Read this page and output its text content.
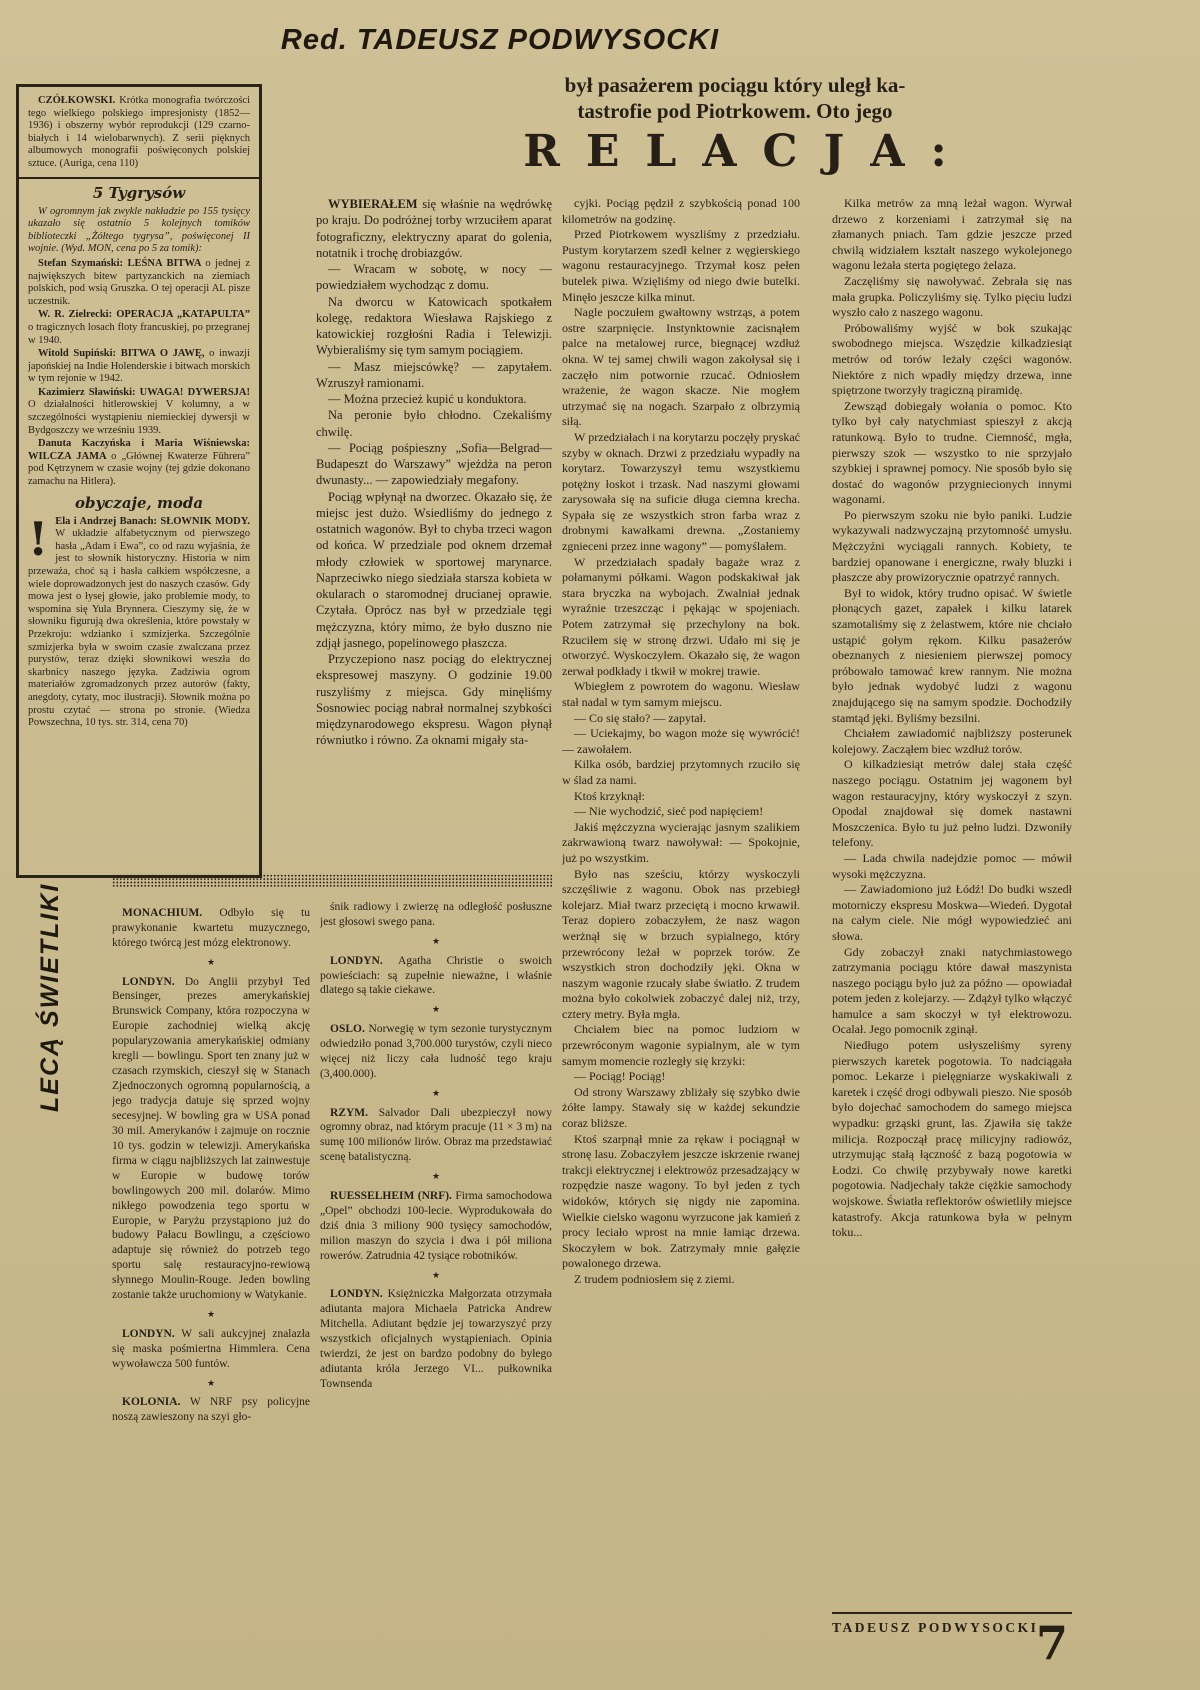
Red. TADEUSZ PODWYSOCKI

CZÓŁKOWSKI. Krótka monografia twórczości tego wielkiego polskiego impresjonisty (1852—1936) i obszerny wybór reprodukcji (129 czarno-białych i 14 wielobarwnych). Z serii pięknych albumowych monografii poświęconych polskiej sztuce. (Auriga, cena 110)

5 Tygrysów

W ogromnym jak zwykle nakładzie po 155 tysięcy ukazało się ostatnio 5 kolejnych tomików biblioteczki „Żółtego tygrysa”, poświęconej II wojnie. (Wyd. MON, cena po 5 za tomik):

Stefan Szymański: LEŚNA BITWA o jednej z największych bitew partyzanckich na ziemiach polskich, pod wsią Gruszka. O tej operacji AL pisze uczestnik.

W. R. Zielrecki: OPERACJA „KATAPULTA” o tragicznych losach floty francuskiej, po przegranej w 1940.

Witold Supiński: BITWA O JAWĘ, o inwazji japońskiej na Indie Holenderskie i bitwach morskich w tym rejonie w 1942.

Kazimierz Sławiński: UWAGA! DYWERSJA! O działalności hitlerowskiej V kolumny, a w szczególności wystąpieniu niemieckiej dywersji w Bydgoszczy we wrześniu 1939.

Danuta Kaczyńska i Maria Wiśniewska: WILCZA JAMA o „Głównej Kwaterze Führera” pod Kętrzynem w czasie wojny (tej gdzie dokonano zamachu na Hitlera).

obyczaje, moda
! Ela i Andrzej Banach: SŁOWNIK MODY. W układzie alfabetycznym od pierwszego hasła „Adam i Ewa”, co od razu wyjaśnia, że jest to słownik historyczny. Historia w nim przeważa, choć są i hasła całkiem współczesne, a wiele doprowadzonych jest do naszych czasów. Gdy mowa jest o łysej głowie, jako problemie mody, to wspomina się Yula Brynnera. Cieszymy się, że w słowniku figurują dwa określenia, które powstały w Przekroju: wdzianko i szmizjerka. Szczególnie szmizjerka była w swoim czasie zwalczana przez purystów, teraz dzięki słownikowi weszła do skarbnicy naszego języka. Zadziwia ogrom materiałów zgromadzonych przez autorów (fakty, anegdoty, cytaty, moc ilustracji). Słownik można po prostu czytać — strona po stronie. (Wiedza Powszechna, 10 tys. str. 314, cena 70)

był pasażerem pociągu który uległ ka-
tastrofie pod Piotrkowem. Oto jego
RELACJA:

WYBIERAŁEM się właśnie na wędrówkę po kraju. Do podróżnej torby wrzuciłem aparat fotograficzny, elektryczny aparat do golenia, notatnik i trochę drobiazgów.

— Wracam w sobotę, w nocy — powiedziałem wychodząc z domu.

Na dworcu w Katowicach spotkałem kolegę, redaktora Wiesława Rajskiego z katowickiej rozgłośni Radia i Telewizji. Wybieraliśmy się tym samym pociągiem.

— Masz miejscówkę? — zapytałem. Wzruszył ramionami.

— Można przecież kupić u konduktora.

Na peronie było chłodno. Czekaliśmy chwilę.

— Pociąg pośpieszny „Sofia—Belgrad—Budapeszt do Warszawy” wjeżdża na peron dwunasty... — zapowiedziały megafony.

Pociąg wpłynął na dworzec. Okazało się, że miejsc jest dużo. Wsiedliśmy do jednego z ostatnich wagonów. Był to chyba trzeci wagon od końca. W przedziale pod oknem drzemał młody człowiek w sportowej marynarce. Naprzeciwko niego siedziała starsza kobieta w okularach o staromodnej drucianej oprawie. Czytała. Oprócz nas był w przedziale tęgi mężczyzna, który mimo, że było duszno nie zdjął jasnego, popelinowego płaszcza.

Przyczepiono nasz pociąg do elektrycznej ekspresowej maszyny. O godzinie 19.00 ruszyliśmy z miejsca. Gdy minęliśmy Sosnowiec pociąg nabrał normalnej szybkości międzynarodowego ekspresu. Wagon płynął równiutko i równo. Za oknami migały sta-

cyjki. Pociąg pędził z szybkością ponad 100 kilometrów na godzinę.

Przed Piotrkowem wyszliśmy z przedziału. Pustym korytarzem szedł kelner z węgierskiego wagonu restauracyjnego. Trzymał kosz pełen butelek piwa. Wzięliśmy od niego dwie butelki. Minęło jeszcze kilka minut.

Nagle poczułem gwałtowny wstrząs, a potem ostre szarpnięcie. Instynktownie zacisnąłem palce na metalowej rurce, biegnącej wzdłuż okna. W tej samej chwili wagon zakołysał się i zaczęło nim potwornie rzucać. Odniosłem wrażenie, że wagon skacze. Nie mogłem utrzymać się na nogach. Szarpało z olbrzymią siłą.

W przedziałach i na korytarzu poczęły pryskać szyby w oknach. Drzwi z przedziału wypadły na korytarz. Towarzyszył temu wszystkiemu potężny łoskot i trzask. Nad naszymi głowami zarysowała się na suficie długa ciemna krecha. Sypała się ze wszystkich stron farba wraz z drobnymi kawałkami drewna. „Zostaniemy zgnieceni przez inne wagony” — pomyślałem.

W przedziałach spadały bagaże wraz z połamanymi półkami. Wagon podskakiwał jak stara bryczka na wybojach. Zwalniał jednak wyraźnie trzeszcząc i pękając w spojeniach. Potem zatrzymał się przechylony na bok. Rzuciłem się w stronę drzwi. Udało mi się je otworzyć. Wyskoczyłem. Okazało się, że wagon zerwał podkłady i tkwił w mokrej trawie.

Wbiegłem z powrotem do wagonu. Wiesław stał nadal w tym samym miejscu.

— Co się stało? — zapytał.

— Uciekajmy, bo wagon może się wywrócić! — zawołałem.

Kilka osób, bardziej przytomnych rzuciło się w ślad za nami.

Ktoś krzyknął:

— Nie wychodzić, sieć pod napięciem!

Jakiś mężczyzna wycierając jasnym szalikiem zakrwawioną twarz nawoływał: — Spokojnie, już po wszystkim.

Było nas sześciu, którzy wyskoczyli szczęśliwie z wagonu. Obok nas przebiegł kolejarz. Miał twarz przeciętą i mocno krwawił. Teraz dopiero zobaczyłem, że nasz wagon werżnął się w brzuch sypialnego, który przewrócony leżał w poprzek torów. Ze wszystkich stron dochodziły jęki. Okna w naszym wagonie rzucały słabe światło. Z trudem można było cokolwiek zobaczyć dalej niż, trzy, cztery metry. Była mgła.

Chciałem biec na pomoc ludziom w przewróconym wagonie sypialnym, ale w tym samym momencie rozległy się krzyki:

— Pociąg! Pociąg!

Od strony Warszawy zbliżały się szybko dwie żółte lampy. Stawały się w każdej sekundzie coraz bliższe.

Ktoś szarpnął mnie za rękaw i pociągnął w stronę lasu. Zobaczyłem jeszcze iskrzenie rwanej trakcji elektrycznej i elektrowóz przesadzający w rozpędzie nasze wagony. To był jeden z tych widoków, których się nigdy nie zapomina. Wielkie cielsko wagonu wyrzucone jak kamień z procy leciało wprost na mnie łamiąc drzewa. Skoczyłem w bok. Zatrzymały mnie gałęzie powalonego drzewa.

Z trudem podniosłem się z ziemi.

Kilka metrów za mną leżał wagon. Wyrwał drzewo z korzeniami i zatrzymał się na złamanych pniach. Tam gdzie jeszcze przed chwilą widziałem kształt naszego wykolejonego wagonu leżała sterta pogiętego żelaza.

Zaczęliśmy się nawoływać. Zebrała się nas mała grupka. Policzyliśmy się. Tylko pięciu ludzi wyszło cało z naszego wagonu.

Próbowaliśmy wyjść w bok szukając swobodnego miejsca. Wszędzie kilkadziesiąt metrów od torów leżały części wagonów. Niektóre z nich wpadły między drzewa, inne spiętrzone tworzyły tragiczną piramidę.

Zewsząd dobiegały wołania o pomoc. Kto tylko był cały natychmiast spieszył z akcją ratunkową. Było to trudne. Ciemność, mgła, pierwszy szok — wszystko to nie sprzyjało szybkiej i sprawnej pomocy. Nie sposób było się dostać do wagonów przygniecionych innymi wagonami.

Po pierwszym szoku nie było paniki. Ludzie wykazywali nadzwyczajną przytomność umysłu. Mężczyźni wyciągali rannych. Kobiety, te bardziej opanowane i energiczne, rwały bluzki i płaszcze aby prowizorycznie opatrzyć rannych.

Był to widok, który trudno opisać. W świetle płonących gazet, zapałek i kilku latarek szamotaliśmy się z żelastwem, które nie chciało ustąpić gołym rękom. Kilku pasażerów obeznanych z niesieniem pierwszej pomocy próbowało tamować krew rannym. Nie można było jednak wydobyć ludzi z wagonu znajdującego się na samym spodzie. Dochodziły stamtąd jęki. Byliśmy bezsilni.

Chciałem zawiadomić najbliższy posterunek kolejowy. Zacząłem biec wzdłuż torów.

O kilkadziesiąt metrów dalej stała część naszego pociągu. Ostatnim jej wagonem był wagon restauracyjny, który wyskoczył z szyn. Opodal znajdował się domek nastawni Moszczenica. Było tu już pełno ludzi. Dzwoniły telefony.

— Lada chwila nadejdzie pomoc — mówił wysoki mężczyzna.

— Zawiadomiono już Łódź! Do budki wszedł motorniczy ekspresu Moskwa—Wiedeń. Dygotał na całym ciele. Nie mógł wypowiedzieć ani słowa.

Gdy zobaczył znaki natychmiastowego zatrzymania pociągu które dawał maszynista naszego pociągu było już za późno — opowiadał potem jeden z kolejarzy. — Zdążył tylko włączyć hamulce a sam skoczył w tył elektrowozu. Ocalał. Jego pomocnik zginął.

Niedługo potem usłyszeliśmy syreny pierwszych karetek pogotowia. To nadciągała pomoc. Lekarze i pielęgniarze wyskakiwali z karetek i część drogi odbywali pieszo. Nie sposób było dojechać samochodem do samego miejsca wypadku: grząski grunt, las. Zjawiła się także milicja. Rozpoczął pracę milicyjny radiowóz, utrzymując stałą łączność z bazą pogotowia w Łodzi. Co chwilę przybywały nowe karetki pogotowia. Nadjechały także ciężkie samochody wojskowe. Światła reflektorów oświetliły miejsce katastrofy. Akcja ratunkowa była w pełnym toku...

TADEUSZ PODWYSOCKI
LECĄ ŚWIETLIKI	MONACHIUM. Odbyło się tu prawykonanie kwartetu muzycznego, którego twórcą jest mózg elektronowy.

★

LONDYN. Do Anglii przybył Ted Bensinger, prezes amerykańskiej Brunswick Company, która rozpoczyna w Europie zachodniej wielką akcję popularyzowania amerykańskiej odmiany kregli — bowlingu. Sport ten znany już w czasach rzymskich, cieszył się w Stanach Zjednoczonych ogromną popularnością, a jego tradycja datuje się sprzed wojny secesyjnej. W bowling gra w USA ponad 30 mil. Amerykanów i zajmuje on rocznie 10 tys. godzin w telewizji. Amerykańska firma w ciągu najbliższych lat zainwestuje w Europie w budowę torów bowlingowych 200 mil. dolarów. Mimo nikłego powodzenia tego sportu w Europie, w Paryżu przystąpiono już do budowy Pałacu Bowlingu, a częściowo adaptuje się również do potrzeb tego sportu salę restauracyjno-rewiową słynnego Moulin-Rouge. Jeden bowling zostanie także uruchomiony w Watykanie.

★

LONDYN. W sali aukcyjnej znalazła się maska pośmiertna Himmlera. Cena wywoławcza 500 funtów.

★

KOLONIA. W NRF psy policyjne noszą zawieszony na szyi gło-

śnik radiowy i zwierzę na odległość posłuszne jest głosowi swego pana.

★

LONDYN. Agatha Christie o swoich powieściach: są zupełnie nieważne, i właśnie dlatego są takie ciekawe.

★

OSLO. Norwegię w tym sezonie turystycznym odwiedziło ponad 3,700.000 turystów, czyli nieco więcej niż liczy cała ludność tego kraju (3,400.000).

★

RZYM. Salvador Dali ubezpieczył nowy ogromny obraz, nad którym pracuje (11 × 3 m) na sumę 100 milionów lirów. Obraz ma przedstawiać scenę batalistyczną.

★

RUESSELHEIM (NRF). Firma samochodowa „Opel” obchodzi 100-lecie. Wyprodukowała do dziś dnia 3 miliony 900 tysięcy samochodów, milion maszyn do szycia i dwa i pół miliona rowerów. Zatrudnia 42 tysiące robotników.

★

LONDYN. Księżniczka Małgorzata otrzymała adiutanta majora Michaela Patricka Andrew Mitchella. Adiutant będzie jej towarzyszyć przy wszystkich oficjalnych wystąpieniach. Opinia twierdzi, że jest on bardzo podobny do byłego adiutanta króla Jerzego VI... pułkownika Townsenda

7
